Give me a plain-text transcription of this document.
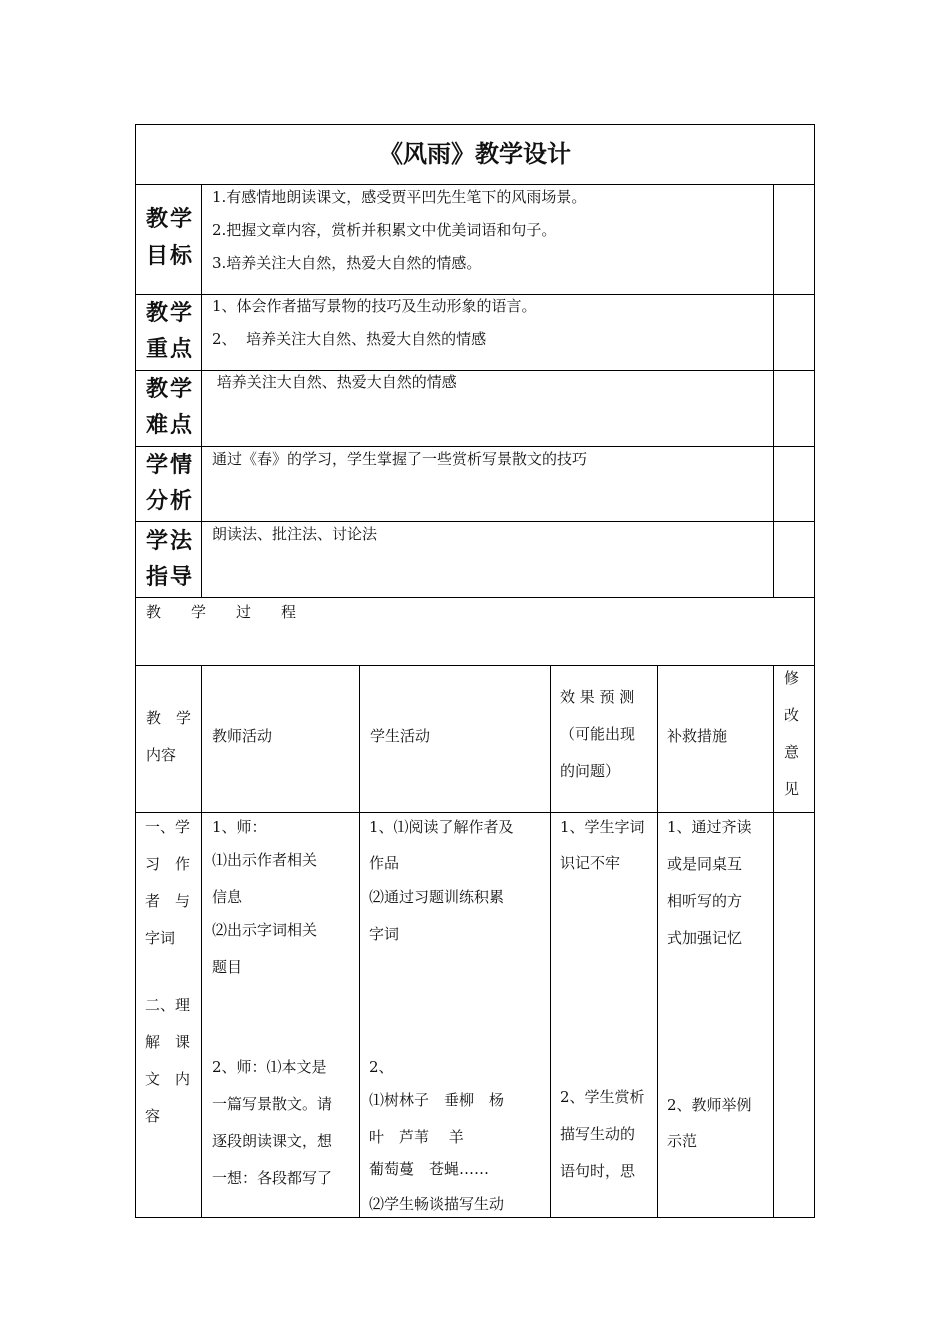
《风雨》教学设计
教学
目标
1.有感情地朗读课文，感受贾平凹先生笔下的风雨场景。
2.把握文章内容，赏析并积累文中优美词语和句子。
3.培养关注大自然，热爱大自然的情感。
教学
重点
1、体会作者描写景物的技巧及生动形象的语言。
2、  培养关注大自然、热爱大自然的情感
教学
难点
培养关注大自然、热爱大自然的情感
学情
分析
通过《春》的学习，学生掌握了一些赏析写景散文的技巧
学法
指导
朗读法、批注法、讨论法
教　　学　　过　　程
教　学
内容
教师活动	学生活动
效 果 预 测
（可能出现
的问题）
补救措施
修
改
意
见
一、学
习　作
者　与
字词
二、理
解　课
文　内
容
1、师：
⑴出示作者相关
信息
⑵出示字词相关
题目
2、师：⑴本文是
一篇写景散文。请
逐段朗读课文，想
一想：各段都写了
1、⑴阅读了解作者及
作品
⑵通过习题训练积累
字词
2、
⑴树林子　垂柳　杨
叶　芦苇　 羊
葡萄蔓　苍蝇……
⑵学生畅谈描写生动
1、学生字词
识记不牢
2、学生赏析
描写生动的
语句时，思
1、通过齐读
或是同桌互
相听写的方
式加强记忆
2、教师举例
示范
